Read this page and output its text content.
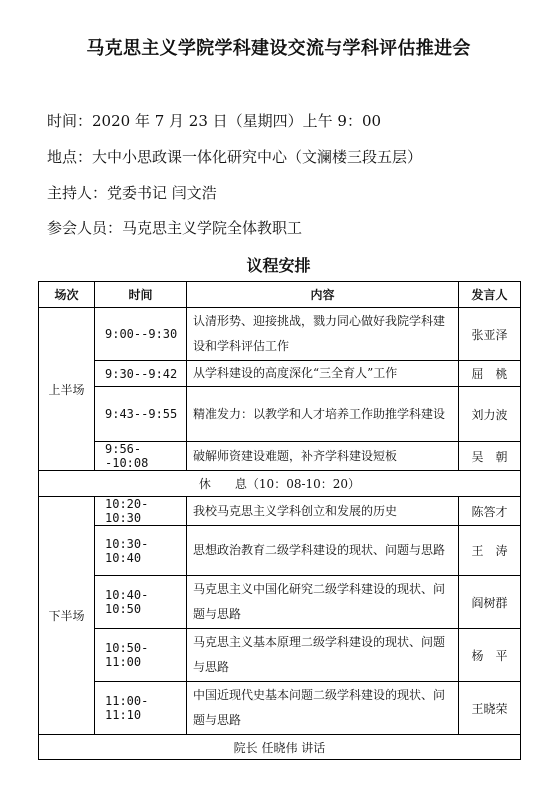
马克思主义学院学科建设交流与学科评估推进会
时间：2020 年 7 月 23 日（星期四）上午 9：00
地点：大中小思政课一体化研究中心（文澜楼三段五层）
主持人：党委书记 闫文浩
参会人员：马克思主义学院全体教职工
议程安排
场次	时间	内容	发言人
上半场	9:00--9:30	认清形势、迎接挑战，戮力同心做好我院学科建设和学科评估工作	张亚泽
	9:30--9:42	从学科建设的高度深化“三全育人”工作	屈　桃
	9:43--9:55	精准发力：以教学和人才培养工作助推学科建设	刘力波
	9:56--10:08	破解师资建设难题，补齐学科建设短板	吴　朝
休　　息（10：08-10：20）			
下半场	10:20-10:30	我校马克思主义学科创立和发展的历史	陈答才
	10:30-10:40	思想政治教育二级学科建设的现状、问题与思路	王　涛
	10:40-10:50	马克思主义中国化研究二级学科建设的现状、问题与思路	阎树群
	10:50-11:00	马克思主义基本原理二级学科建设的现状、问题与思路	杨　平
	11:00-11:10	中国近现代史基本问题二级学科建设的现状、问题与思路	王晓荣
院长 任晓伟 讲话			
